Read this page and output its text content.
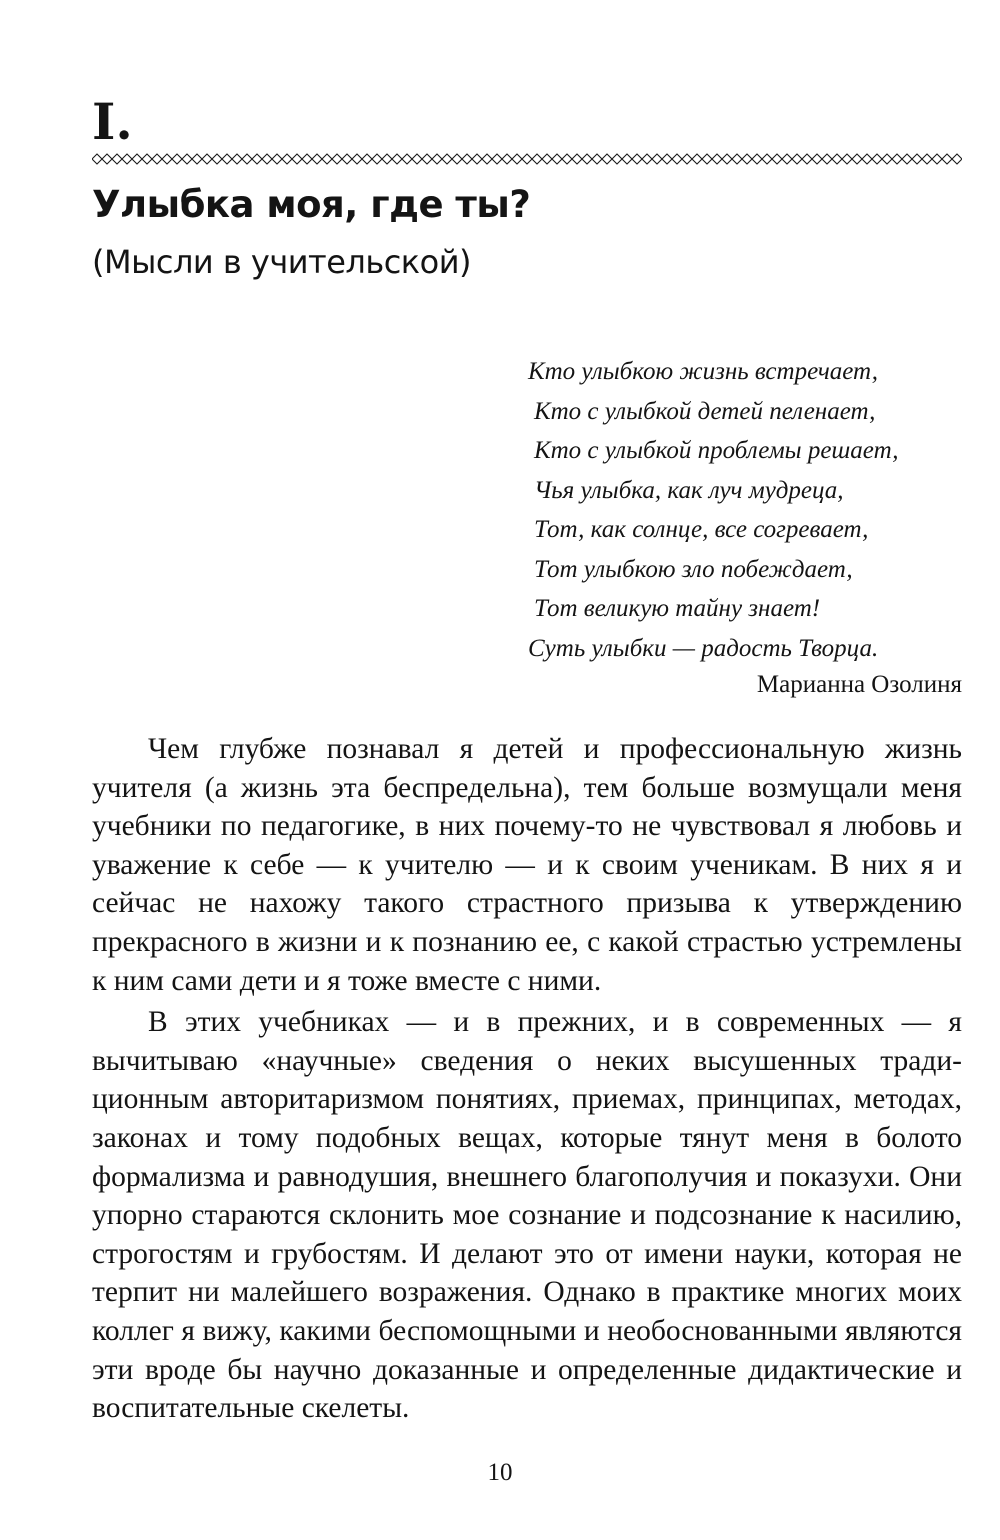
I.
Улыбка моя, где ты?
(Мысли в учительской)

Кто улыбкою жизнь встречает,

Кто с улыбкой детей пеленает,

Кто с улыбкой проблемы решает,

Чья улыбка, как луч мудреца,

Тот, как солнце, все согревает,

Тот улыбкою зло побеждает,

Тот великую тайну знает!

Суть улыбки — радость Творца.

Марианна Озолиня

Чем глубже познавал я детей и профессиональную жизнь учителя (а жизнь эта беспредельна), тем больше возмущали меня учебники по педагогике, в них почему-то не чувствовал я любовь и уважение к себе — к учителю — и к своим ученикам. В них я и сейчас не нахожу такого страстного призыва к утверждению прекрасного в жизни и к познанию ее, с какой страстью устремлены к ним сами дети и я тоже вместе с ними.

В этих учебниках — и в прежних, и в современных — я вычитываю «научные» сведения о неких высушенных традиционным авторитаризмом понятиях, приемах, принципах, методах, законах и тому подобных вещах, которые тянут меня в болото формализма и равнодушия, внешнего благополучия и показухи. Они упорно стараются склонить мое сознание и подсознание к насилию, строгостям и грубостям. И делают это от имени науки, которая не терпит ни малейшего возражения. Однако в практике многих моих коллег я вижу, какими беспомощными и необоснованными являются эти вроде бы научно доказанные и определенные дидактические и воспитательные скелеты.

10
